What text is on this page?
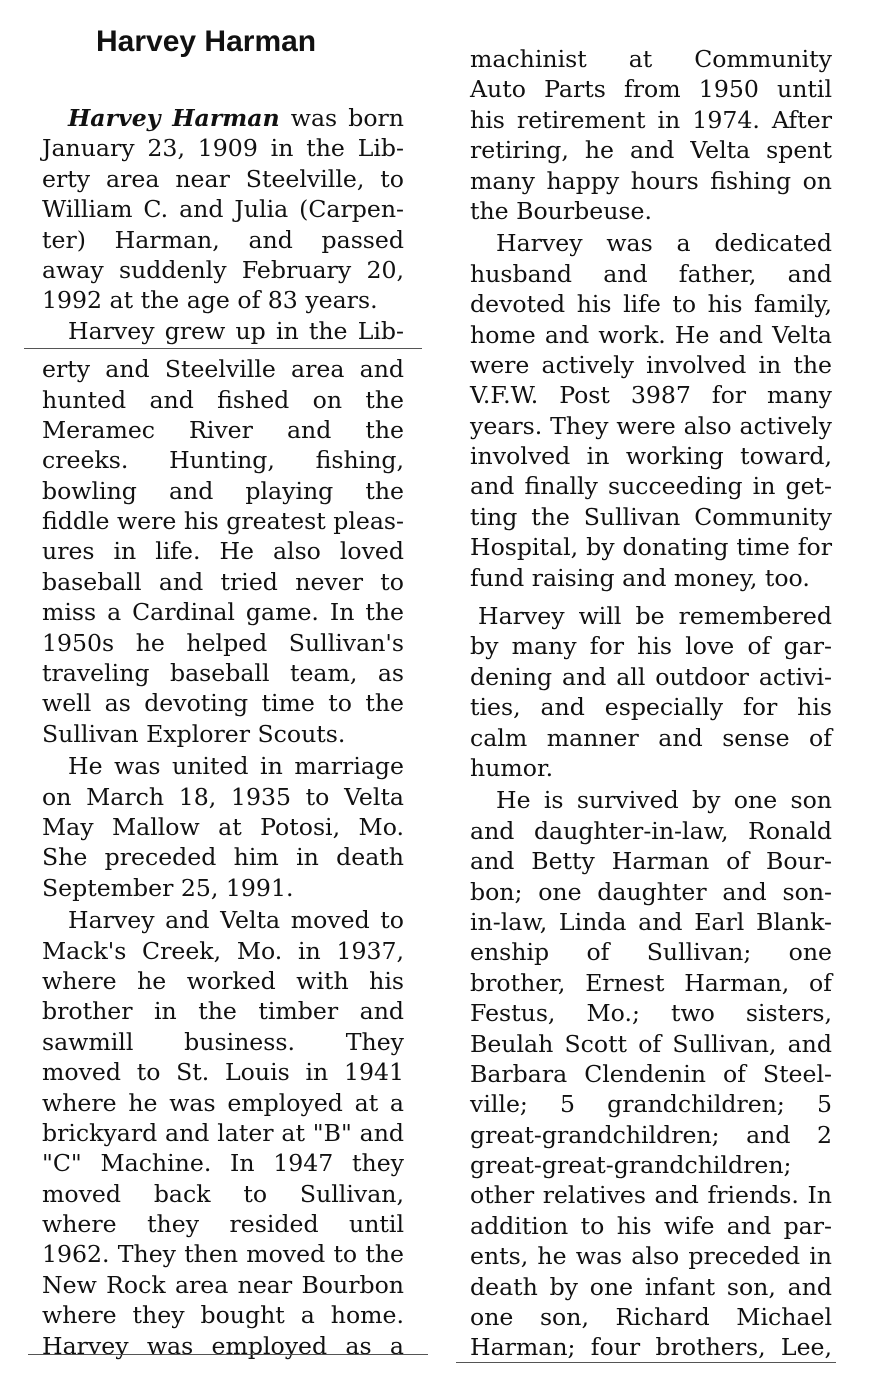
Harvey Harman
Harvey Harman was born
January 23, 1909 in the Lib-
erty area near Steelville, to
William C. and Julia (Carpen-
ter) Harman, and passed
away suddenly February 20,
1992 at the age of 83 years.
Harvey grew up in the Lib-
erty and Steelville area and
hunted and fished on the
Meramec River and the
creeks. Hunting, fishing,
bowling and playing the
fiddle were his greatest pleas-
ures in life. He also loved
baseball and tried never to
miss a Cardinal game. In the
1950s he helped Sullivan's
traveling baseball team, as
well as devoting time to the
Sullivan Explorer Scouts.
He was united in marriage
on March 18, 1935 to Velta
May Mallow at Potosi, Mo.
She preceded him in death
September 25, 1991.
Harvey and Velta moved to
Mack's Creek, Mo. in 1937,
where he worked with his
brother in the timber and
sawmill business. They
moved to St. Louis in 1941
where he was employed at a
brickyard and later at "B" and
"C" Machine. In 1947 they
moved back to Sullivan,
where they resided until
1962. They then moved to the
New Rock area near Bourbon
where they bought a home.
Harvey was employed as a
machinist at Community
Auto Parts from 1950 until
his retirement in 1974. After
retiring, he and Velta spent
many happy hours fishing on
the Bourbeuse.
Harvey was a dedicated
husband and father, and
devoted his life to his family,
home and work. He and Velta
were actively involved in the
V.F.W. Post 3987 for many
years. They were also actively
involved in working toward,
and finally succeeding in get-
ting the Sullivan Community
Hospital, by donating time for
fund raising and money, too.
Harvey will be remembered
by many for his love of gar-
dening and all outdoor activi-
ties, and especially for his
calm manner and sense of
humor.
He is survived by one son
and daughter-in-law, Ronald
and Betty Harman of Bour-
bon; one daughter and son-
in-law, Linda and Earl Blank-
enship of Sullivan; one
brother, Ernest Harman, of
Festus, Mo.; two sisters,
Beulah Scott of Sullivan, and
Barbara Clendenin of Steel-
ville; 5 grandchildren; 5
great-grandchildren; and 2
great-great-grandchildren;
other relatives and friends. In
addition to his wife and par-
ents, he was also preceded in
death by one infant son, and
one son, Richard Michael
Harman; four brothers, Lee,
